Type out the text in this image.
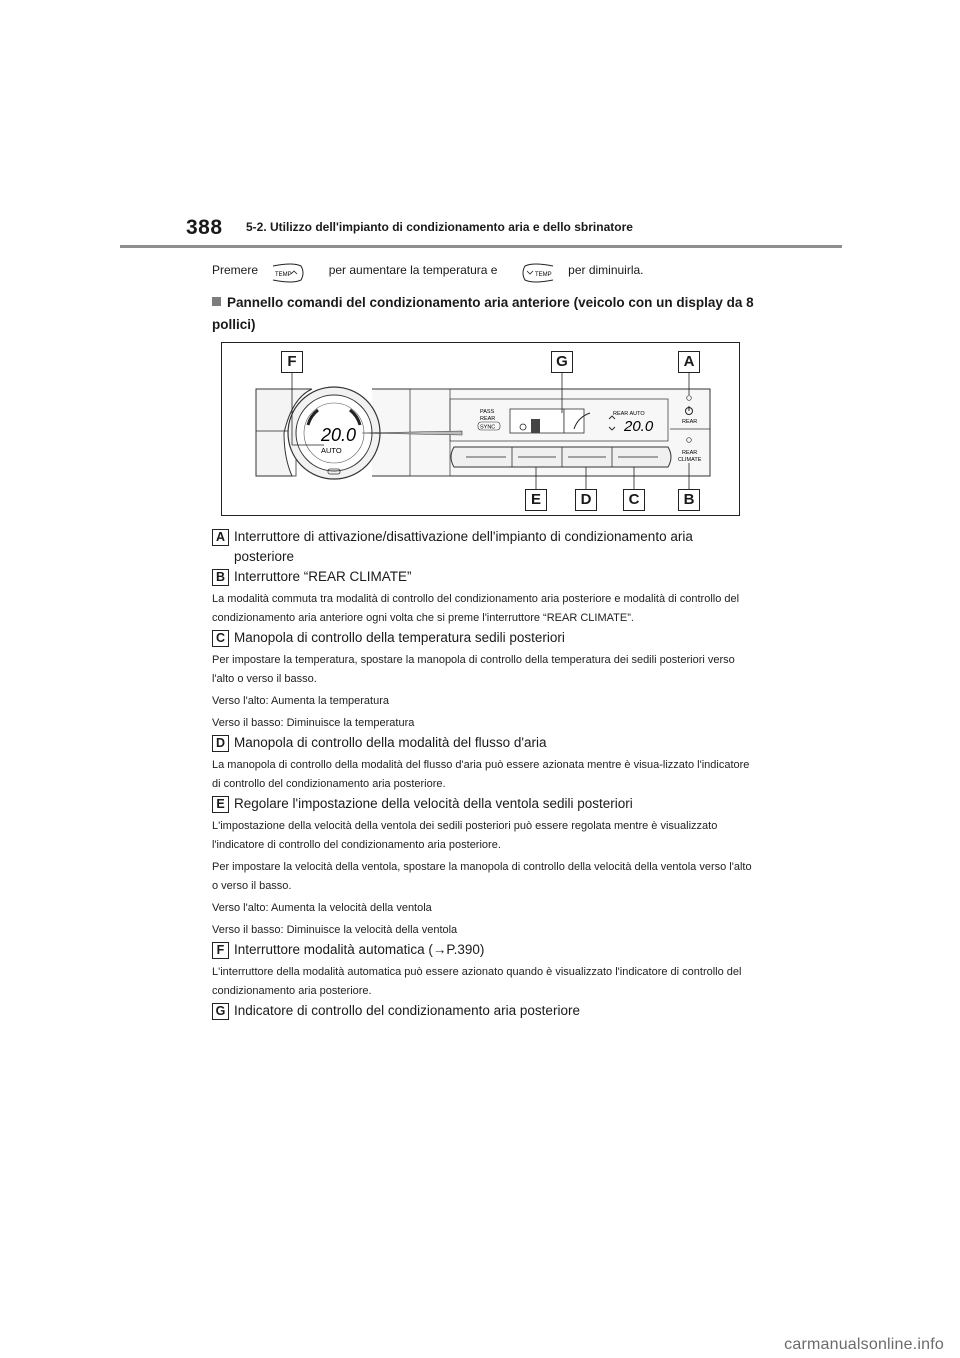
388 5-2. Utilizzo dell'impianto di condizionamento aria e dello sbrinatore
Premere	TEMP	per aumentare la temperatura e	TEMP per diminuirla.
Pannello comandi del condizionamento aria anteriore (veicolo con un display da 8 pollici)
20.0
AUTO
PASS
REAR
SYNC
REAR AUTO
20.0	REAR
REAR
CLIMATE
F	G	A
E	D	C	B
A Interruttore di attivazione/disattivazione dell'impianto di condizionamento aria posteriore
B Interruttore “REAR CLIMATE”
La modalità commuta tra modalità di controllo del condizionamento aria posteriore e modalità di controllo del condizionamento aria anteriore ogni volta che si preme l'interruttore “REAR CLIMATE”.
C Manopola di controllo della temperatura sedili posteriori
Per impostare la temperatura, spostare la manopola di controllo della temperatura dei sedili posteriori verso l'alto o verso il basso.
Verso l'alto: Aumenta la temperatura
Verso il basso: Diminuisce la temperatura
D Manopola di controllo della modalità del flusso d'aria
La manopola di controllo della modalità del flusso d'aria può essere azionata mentre è visua-lizzato l'indicatore di controllo del condizionamento aria posteriore.
E Regolare l'impostazione della velocità della ventola sedili posteriori
L'impostazione della velocità della ventola dei sedili posteriori può essere regolata mentre è visualizzato l'indicatore di controllo del condizionamento aria posteriore.
Per impostare la velocità della ventola, spostare la manopola di controllo della velocità della ventola verso l'alto o verso il basso.
Verso l'alto: Aumenta la velocità della ventola
Verso il basso: Diminuisce la velocità della ventola
F Interruttore modalità automatica (→P.390)
L'interruttore della modalità automatica può essere azionato quando è visualizzato l'indicatore di controllo del condizionamento aria posteriore.
G Indicatore di controllo del condizionamento aria posteriore
carmanualsonline.info
